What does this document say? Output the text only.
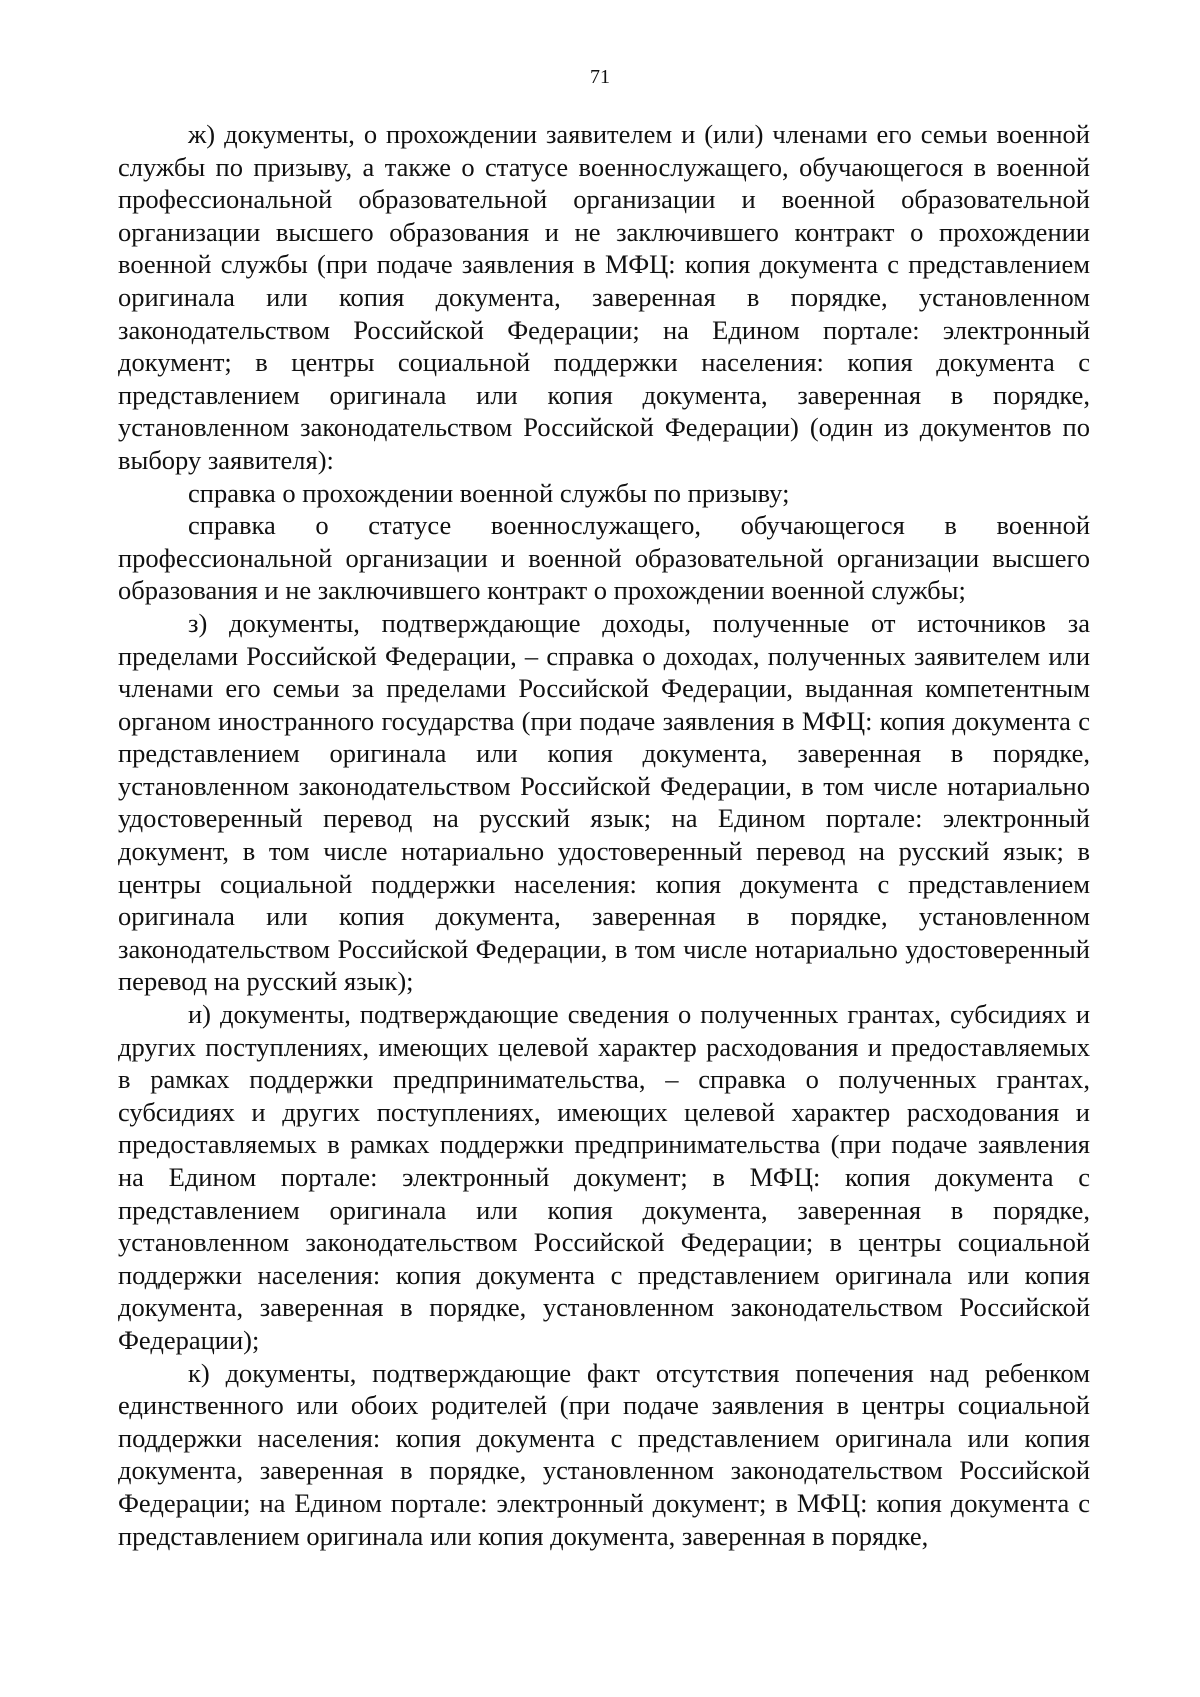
71

ж) документы, о прохождении заявителем и (или) членами его семьи военной службы по призыву, а также о статусе военнослужащего, обучающегося в военной профессиональной образовательной организации и военной образовательной организации высшего образования и не заключившего контракт о прохождении военной службы (при подаче заявления в МФЦ: копия документа с представлением оригинала или копия документа, заверенная в порядке, установленном законодательством Российской Федерации; на Едином портале: электронный документ; в центры социальной поддержки населения: копия документа с представлением оригинала или копия документа, заверенная в порядке, установленном законодательством Российской Федерации) (один из документов по выбору заявителя):

справка о прохождении военной службы по призыву;

справка о статусе военнослужащего, обучающегося в военной профессиональной организации и военной образовательной организации высшего образования и не заключившего контракт о прохождении военной службы;

з) документы, подтверждающие доходы, полученные от источников за пределами Российской Федерации, – справка о доходах, полученных заявителем или членами его семьи за пределами Российской Федерации, выданная компетентным органом иностранного государства (при подаче заявления в МФЦ: копия документа с представлением оригинала или копия документа, заверенная в порядке, установленном законодательством Российской Федерации, в том числе нотариально удостоверенный перевод на русский язык; на Едином портале: электронный документ, в том числе нотариально удостоверенный перевод на русский язык; в центры социальной поддержки населения: копия документа с представлением оригинала или копия документа, заверенная в порядке, установленном законодательством Российской Федерации, в том числе нотариально удостоверенный перевод на русский язык);

и) документы, подтверждающие сведения о полученных грантах, субсидиях и других поступлениях, имеющих целевой характер расходования и предоставляемых в рамках поддержки предпринимательства, – справка о полученных грантах, субсидиях и других поступлениях, имеющих целевой характер расходования и предоставляемых в рамках поддержки предпринимательства (при подаче заявления на Едином портале: электронный документ; в МФЦ: копия документа с представлением оригинала или копия документа, заверенная в порядке, установленном законодательством Российской Федерации; в центры социальной поддержки населения: копия документа с представлением оригинала или копия документа, заверенная в порядке, установленном законодательством Российской Федерации);

к) документы, подтверждающие факт отсутствия попечения над ребенком единственного или обоих родителей (при подаче заявления в центры социальной поддержки населения: копия документа с представлением оригинала или копия документа, заверенная в порядке, установленном законодательством Российской Федерации; на Едином портале: электронный документ; в МФЦ: копия документа с представлением оригинала или копия документа, заверенная в порядке,
